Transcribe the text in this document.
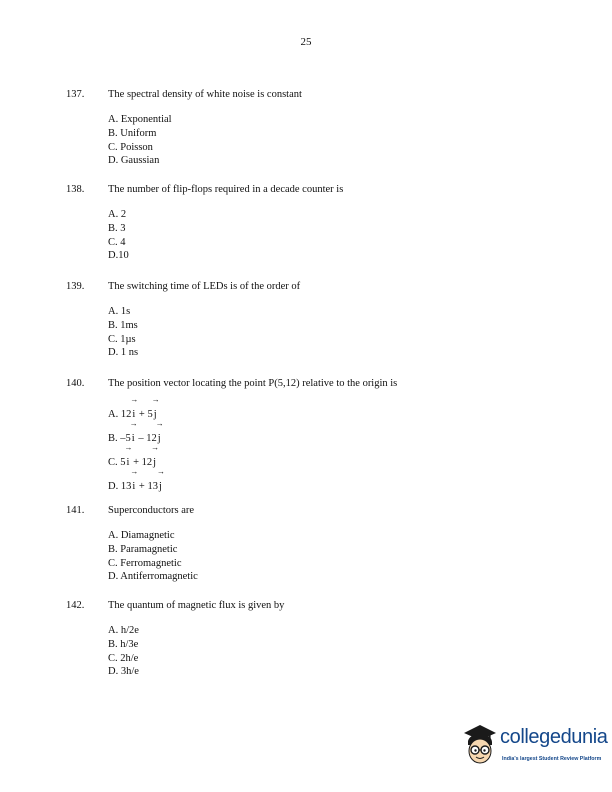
25
137.	The spectral density of white noise is constant
A. Exponential
B. Uniform
C. Poisson
D. Gaussian
138.	The number of flip-flops required in a decade counter is
A. 2
B. 3
C. 4
D.10
139.	The switching time of LEDs is of the order of
A. 1s
B. 1ms
C. 1µs
D. 1 ns
140.	The position vector locating the point P(5,12) relative to the origin is
A. 12→ i + 5→ j
B. –5→ i – 12→ j
C. 5→ i + 12→ j
D. 13→ i + 13→ j
141.	Superconductors are
A. Diamagnetic
B. Paramagnetic
C. Ferromagnetic
D. Antiferromagnetic
142.	The quantum of magnetic flux is given by
A. h/2e
B. h/3e
C. 2h/e
D. 3h/e
collegedunia
India's largest Student Review Platform
